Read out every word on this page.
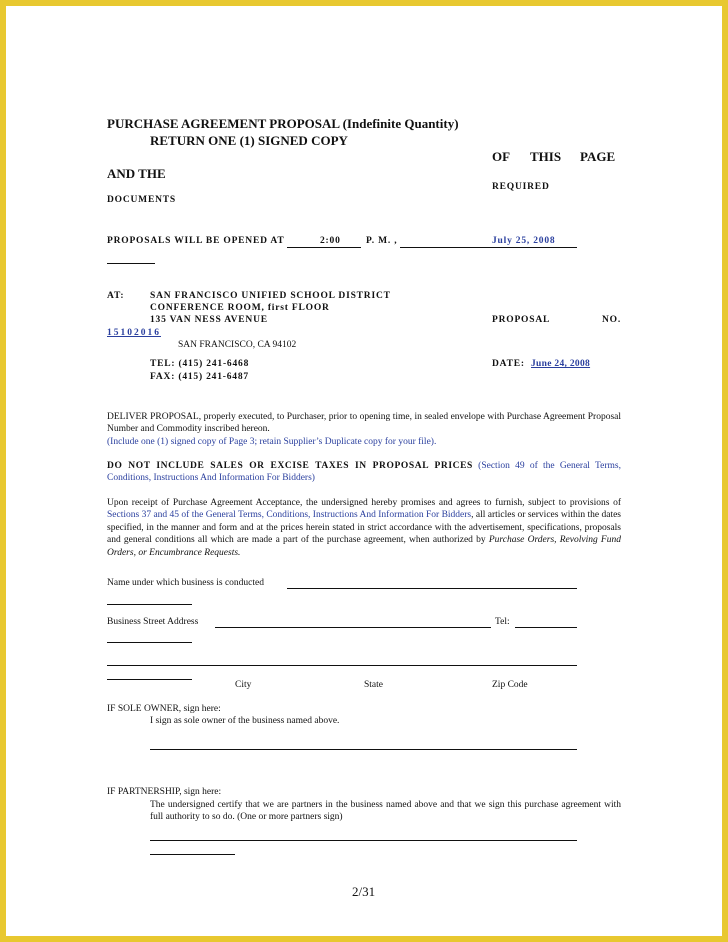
PURCHASE AGREEMENT PROPOSAL (Indefinite Quantity)
RETURN ONE (1) SIGNED COPY
OF THIS PAGE
AND THE
REQUIRED
DOCUMENTS
PROPOSALS WILL BE OPENED AT	2:00	P. M. ,	July 25, 2008
AT:	SAN FRANCISCO UNIFIED SCHOOL DISTRICT
CONFERENCE ROOM, first FLOOR
135 VAN NESS AVENUE	PROPOSAL	NO.
15102016
SAN FRANCISCO, CA 94102
TEL: (415) 241-6468	DATE: June 24, 2008
FAX: (415) 241-6487
DELIVER PROPOSAL, properly executed, to Purchaser, prior to opening time, in sealed envelope with Purchase Agreement Proposal Number and Commodity inscribed hereon.
(Include one (1) signed copy of Page 3; retain Supplier’s Duplicate copy for your file).
DO NOT INCLUDE SALES OR EXCISE TAXES IN PROPOSAL PRICES (Section 49 of the General Terms, Conditions, Instructions And Information For Bidders)
Upon receipt of Purchase Agreement Acceptance, the undersigned hereby promises and agrees to furnish, subject to provisions of Sections 37 and 45 of the General Terms, Conditions, Instructions And Information For Bidders, all articles or services within the dates specified, in the manner and form and at the prices herein stated in strict accordance with the advertisement, specifications, proposals and general conditions all which are made a part of the purchase agreement, when authorized by Purchase Orders, Revolving Fund Orders, or Encumbrance Requests.
Name under which business is conducted
Business Street Address	Tel:
City	State	Zip Code
IF SOLE OWNER, sign here:
I sign as sole owner of the business named above.
IF PARTNERSHIP, sign here:
The undersigned certify that we are partners in the business named above and that we sign this purchase agreement with full authority to so do. (One or more partners sign)
2/31
